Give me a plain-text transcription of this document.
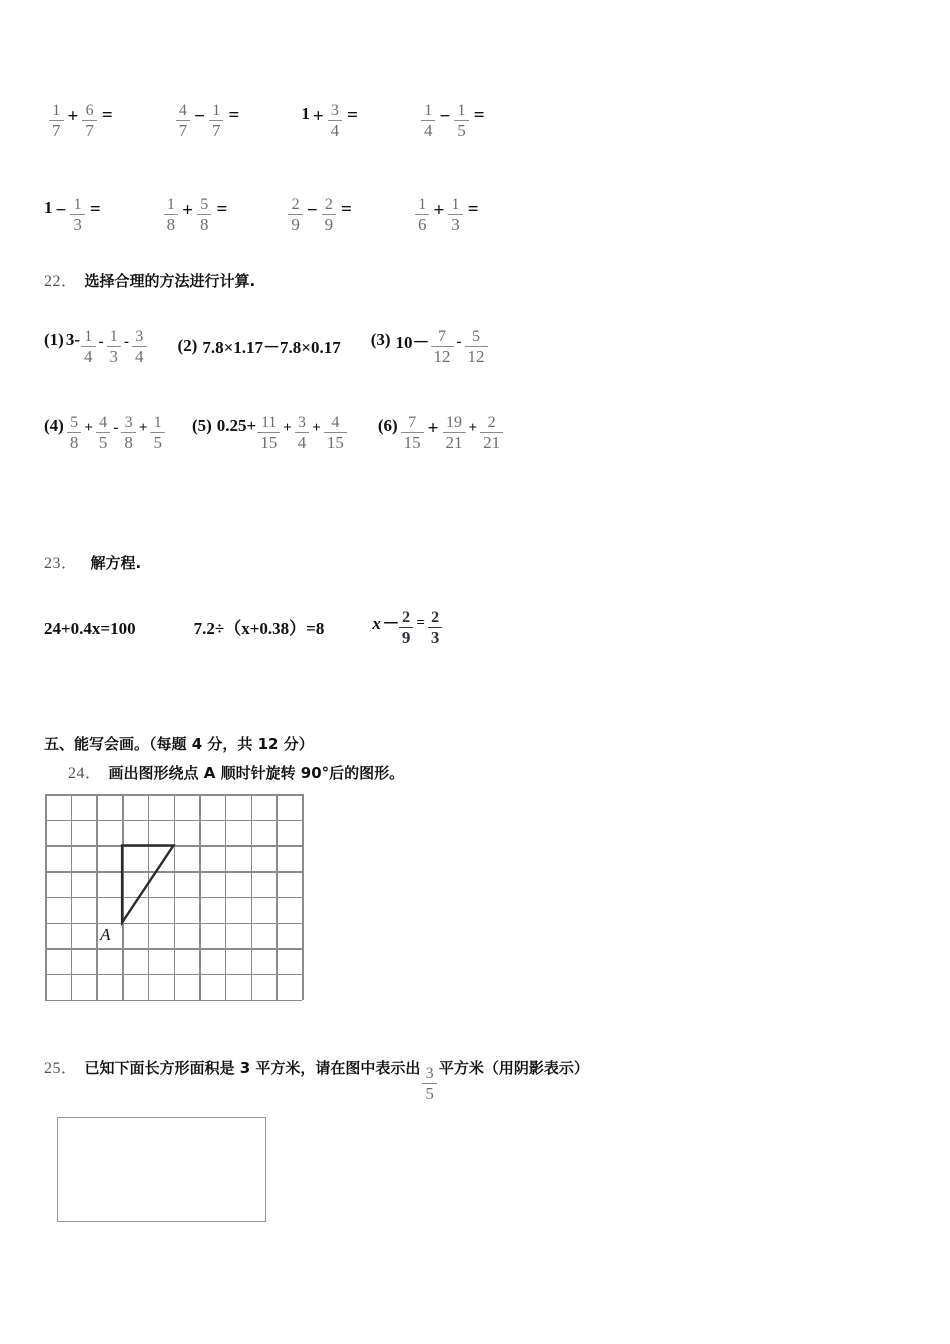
$\frac{1}{7} + \frac{6}{7}$ =	$\frac{4}{7} - \frac{1}{7}$ =	$1 + \frac{3}{4}$ =	$\frac{1}{4} - \frac{1}{5}$ =
$1 - \frac{1}{3}$ =	$\frac{1}{8} + \frac{5}{8}$ =	$\frac{2}{9} - \frac{2}{9}$ =	$\frac{1}{6} + \frac{1}{3}$ =
22． 选择合理的方法进行计算.
(1) $3- \frac{1}{4} - \frac{1}{3} - \frac{3}{4} (2)$ 7.8×1.17－7.8×0.17 (3) $10- \frac{7}{12} - \frac{5}{12}$
$(4) \frac{5}{8} + \frac{4}{5} - \frac{3}{8} + \frac{1}{5} (5)$ $0.25+ \frac{11}{15} + \frac{3}{4} + \frac{4}{15} (6) \frac{7}{15} + \frac{19}{21} + \frac{2}{21}$
23． 解方程.
24+0.4x=100	7.2÷（x+0.38）=8	$x- \frac{2}{9} = \frac{2}{3}$
五、能写会画。（每题 4 分，共 12 分）
24． 画出图形绕点 A 顺时针旋转 90°后的图形。
A
25． 已知下面长方形面积是 3 平方米，请在图中表示出 $\frac{3}{5}$ 平方米（用阴影表示）
